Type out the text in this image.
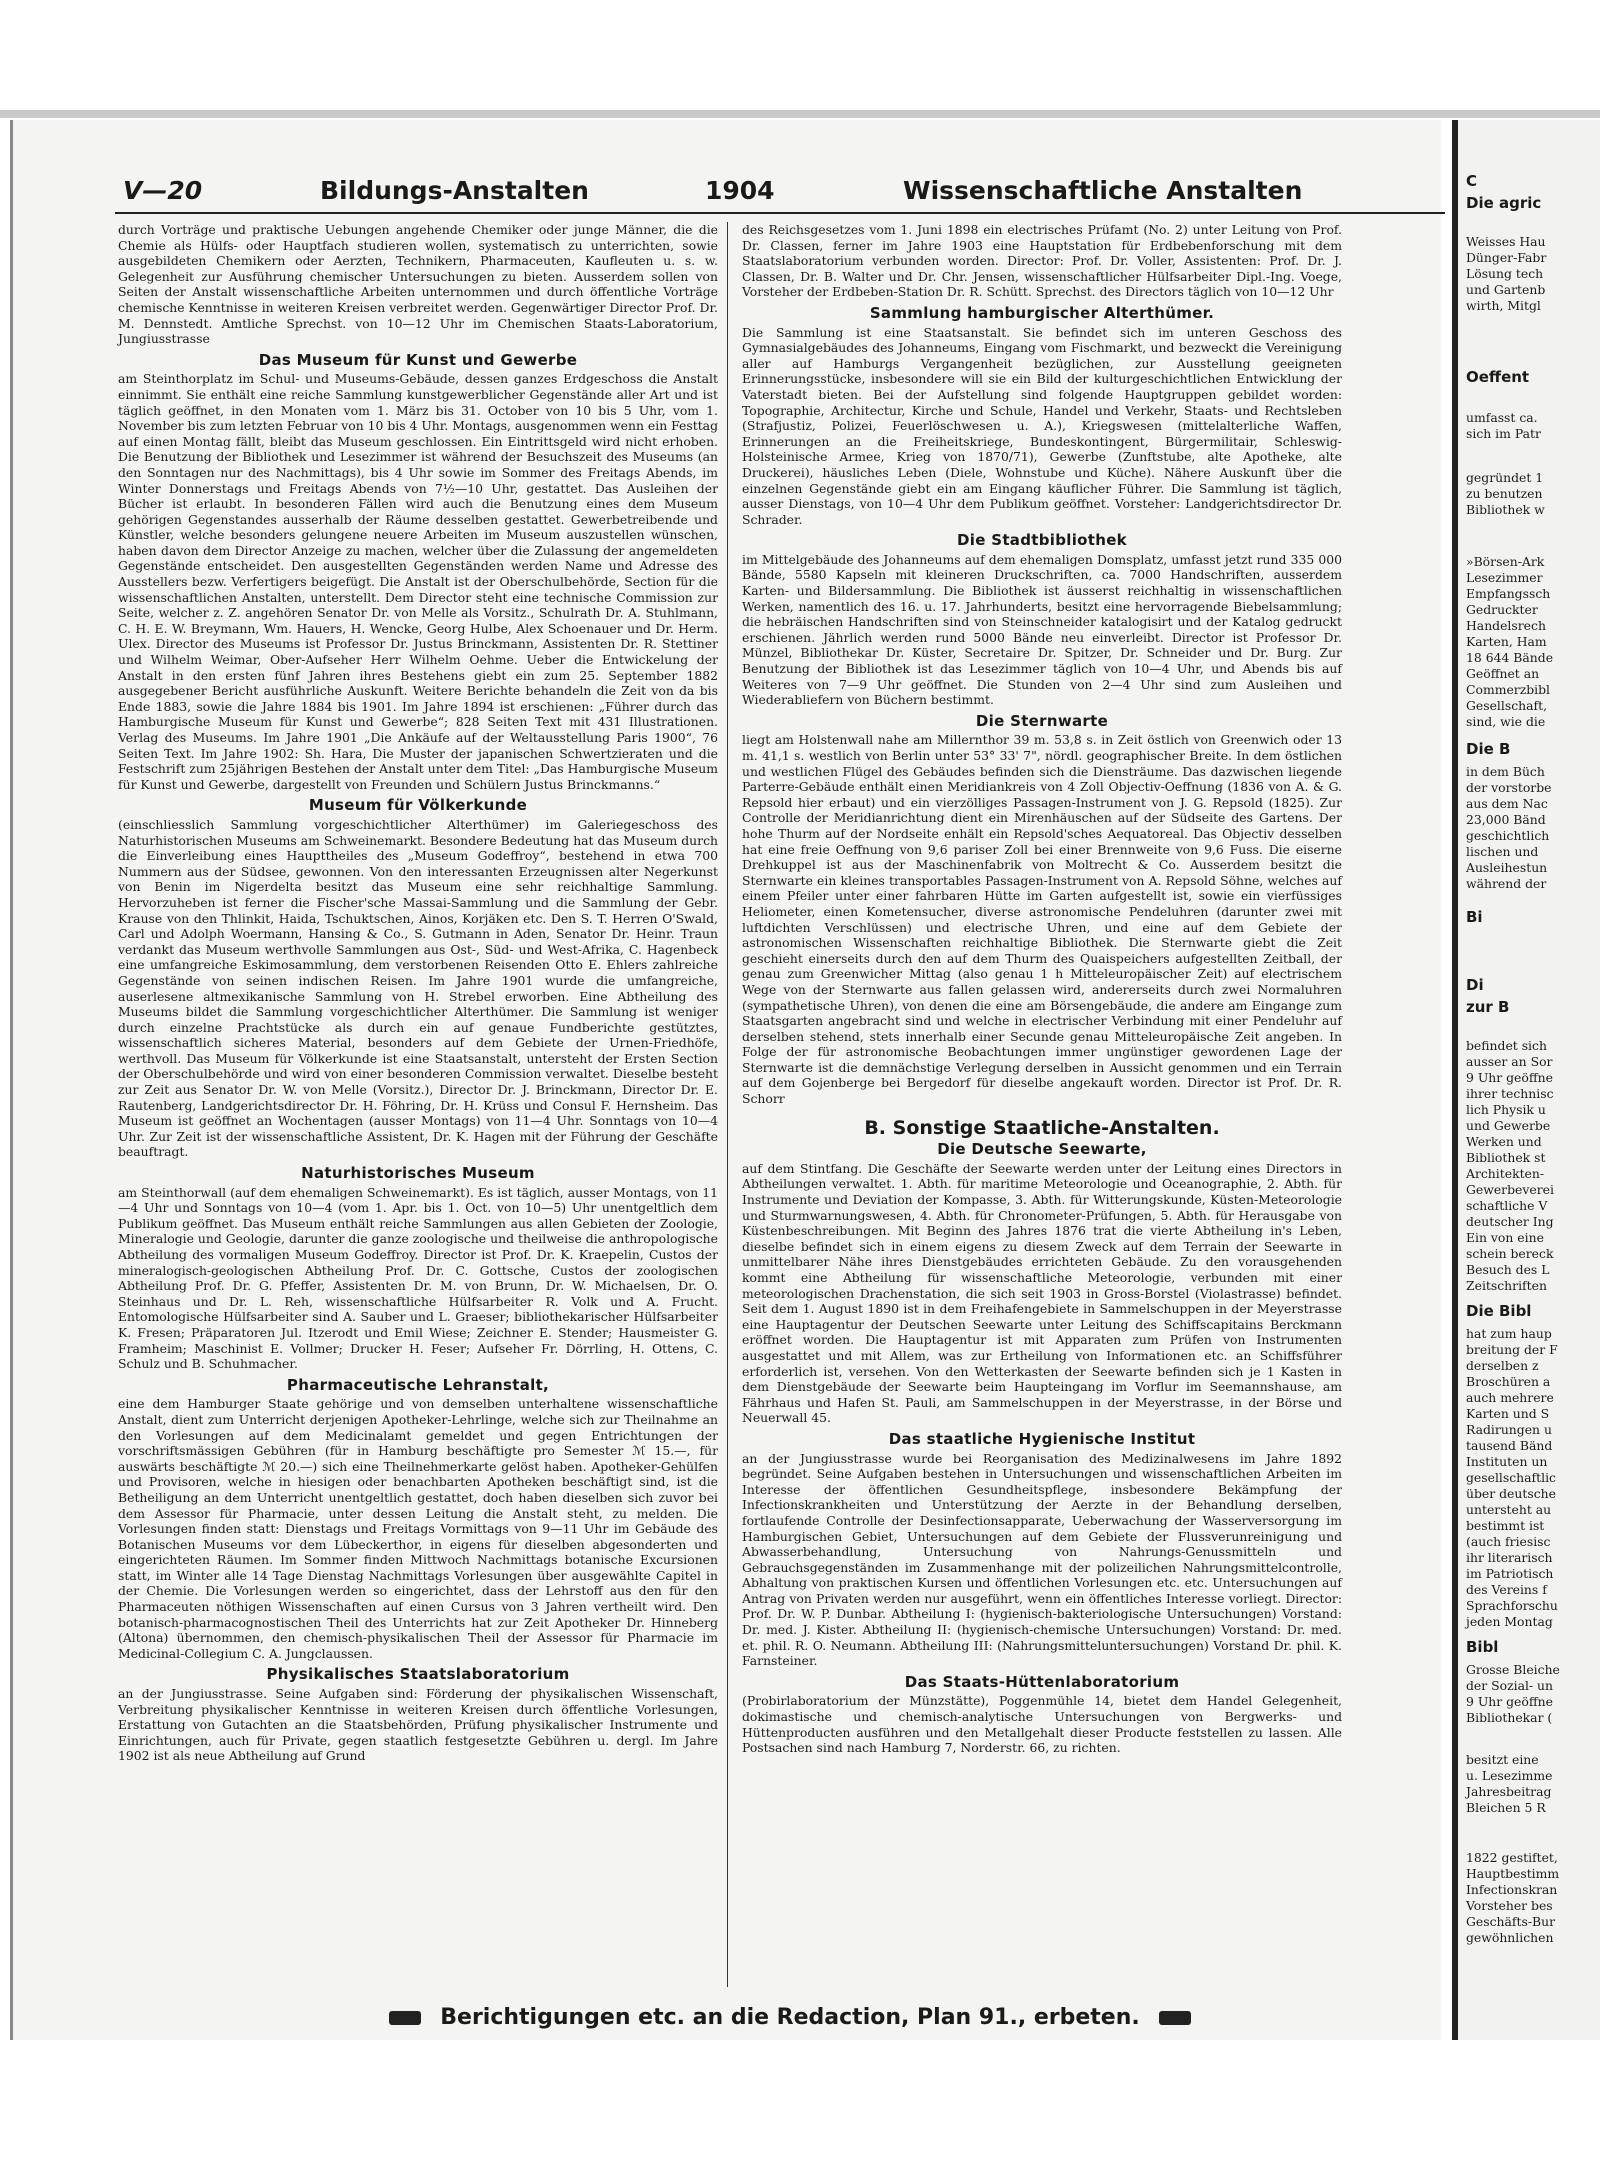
C
Die agric
Weisses Hau
Dünger-Fabr
Lösung tech
und Gartenb
wirth, Mitgl
Oeffent
umfasst ca.
sich im Patr
gegründet 1
zu benutzen
Bibliothek w
»Börsen-Ark
Lesezimmer
Empfangssch
Gedruckter
Handelsrech
Karten, Ham
18 644 Bände
Geöffnet an
Commerzbibl
Gesellschaft,
sind, wie die
Die B
in dem Büch
der vorstorbe
aus dem Nac
23,000 Bänd
geschichtlich
lischen und
Ausleihestun
während der
Bi
Di
zur B
befindet sich
ausser an Sor
9 Uhr geöffne
ihrer technisc
lich Physik u
und Gewerbe
Werken und
Bibliothek st
Architekten-
Gewerbeverei
schaftliche V
deutscher Ing
Ein von eine
schein bereck
Besuch des L
Zeitschriften
Die Bibl
hat zum haup
breitung der F
derselben z
Broschüren a
auch mehrere
Karten und S
Radirungen u
tausend Bänd
Instituten un
gesellschaftlic
über deutsche
untersteht au
bestimmt ist
(auch friesisc
ihr literarisch
im Patriotisch
des Vereins f
Sprachforschu
jeden Montag
Bibl
Grosse Bleiche
der Sozial- un
9 Uhr geöffne
Bibliothekar (
besitzt eine
u. Lesezimme
Jahresbeitrag
Bleichen 5 R
1822 gestiftet,
Hauptbestimm
Infectionskran
Vorsteher bes
Geschäfts-Bur
gewöhnlichen
V—20	Bildungs-Anstalten	1904	Wissenschaftliche Anstalten

durch Vorträge und praktische Uebungen angehende Chemiker oder junge Männer, die die Chemie als Hülfs- oder Hauptfach studieren wollen, systematisch zu unterrichten, sowie ausgebildeten Chemikern oder Aerzten, Technikern, Pharmaceuten, Kaufleuten u. s. w. Gelegenheit zur Ausführung chemischer Untersuchungen zu bieten. Ausserdem sollen von Seiten der Anstalt wissenschaftliche Arbeiten unternommen und durch öffentliche Vorträge chemische Kenntnisse in weiteren Kreisen verbreitet werden. Gegenwärtiger Director Prof. Dr. M. Dennstedt. Amtliche Sprechst. von 10—12 Uhr im Chemischen Staats-Laboratorium, Jungiusstrasse

Das Museum für Kunst und Gewerbe

am Steinthorplatz im Schul- und Museums-Gebäude, dessen ganzes Erdgeschoss die Anstalt einnimmt. Sie enthält eine reiche Sammlung kunstgewerblicher Gegenstände aller Art und ist täglich geöffnet, in den Monaten vom 1. März bis 31. October von 10 bis 5 Uhr, vom 1. November bis zum letzten Februar von 10 bis 4 Uhr. Montags, ausgenommen wenn ein Festtag auf einen Montag fällt, bleibt das Museum geschlossen. Ein Eintrittsgeld wird nicht erhoben. Die Benutzung der Bibliothek und Lesezimmer ist während der Besuchszeit des Museums (an den Sonntagen nur des Nachmittags), bis 4 Uhr sowie im Sommer des Freitags Abends, im Winter Donnerstags und Freitags Abends von 7½—10 Uhr, gestattet. Das Ausleihen der Bücher ist erlaubt. In besonderen Fällen wird auch die Benutzung eines dem Museum gehörigen Gegenstandes ausserhalb der Räume desselben gestattet. Gewerbetreibende und Künstler, welche besonders gelungene neuere Arbeiten im Museum auszustellen wünschen, haben davon dem Director Anzeige zu machen, welcher über die Zulassung der angemeldeten Gegenstände entscheidet. Den ausgestellten Gegenständen werden Name und Adresse des Ausstellers bezw. Verfertigers beigefügt. Die Anstalt ist der Oberschulbehörde, Section für die wissenschaftlichen Anstalten, unterstellt. Dem Director steht eine technische Commission zur Seite, welcher z. Z. angehören Senator Dr. von Melle als Vorsitz., Schulrath Dr. A. Stuhlmann, C. H. E. W. Breymann, Wm. Hauers, H. Wencke, Georg Hulbe, Alex Schoenauer und Dr. Herm. Ulex. Director des Museums ist Professor Dr. Justus Brinckmann, Assistenten Dr. R. Stettiner und Wilhelm Weimar, Ober-Aufseher Herr Wilhelm Oehme. Ueber die Entwickelung der Anstalt in den ersten fünf Jahren ihres Bestehens giebt ein zum 25. September 1882 ausgegebener Bericht ausführliche Auskunft. Weitere Berichte behandeln die Zeit von da bis Ende 1883, sowie die Jahre 1884 bis 1901. Im Jahre 1894 ist erschienen: „Führer durch das Hamburgische Museum für Kunst und Gewerbe“; 828 Seiten Text mit 431 Illustrationen. Verlag des Museums. Im Jahre 1901 „Die Ankäufe auf der Weltausstellung Paris 1900“, 76 Seiten Text. Im Jahre 1902: Sh. Hara, Die Muster der japanischen Schwertzieraten und die Festschrift zum 25jährigen Bestehen der Anstalt unter dem Titel: „Das Hamburgische Museum für Kunst und Gewerbe, dargestellt von Freunden und Schülern Justus Brinckmanns.“

Museum für Völkerkunde

(einschliesslich Sammlung vorgeschichtlicher Alterthümer) im Galeriegeschoss des Naturhistorischen Museums am Schweinemarkt. Besondere Bedeutung hat das Museum durch die Einverleibung eines Haupttheiles des „Museum Godeffroy“, bestehend in etwa 700 Nummern aus der Südsee, gewonnen. Von den interessanten Erzeugnissen alter Negerkunst von Benin im Nigerdelta besitzt das Museum eine sehr reichhaltige Sammlung. Hervorzuheben ist ferner die Fischer'sche Massai-Sammlung und die Sammlung der Gebr. Krause von den Thlinkit, Haida, Tschuktschen, Ainos, Korjäken etc. Den S. T. Herren O'Swald, Carl und Adolph Woermann, Hansing & Co., S. Gutmann in Aden, Senator Dr. Heinr. Traun verdankt das Museum werthvolle Sammlungen aus Ost-, Süd- und West-Afrika, C. Hagenbeck eine umfangreiche Eskimosammlung, dem verstorbenen Reisenden Otto E. Ehlers zahlreiche Gegenstände von seinen indischen Reisen. Im Jahre 1901 wurde die umfangreiche, auserlesene altmexikanische Sammlung von H. Strebel erworben. Eine Abtheilung des Museums bildet die Sammlung vorgeschichtlicher Alterthümer. Die Sammlung ist weniger durch einzelne Prachtstücke als durch ein auf genaue Fundberichte gestütztes, wissenschaftlich sicheres Material, besonders auf dem Gebiete der Urnen-Friedhöfe, werthvoll. Das Museum für Völkerkunde ist eine Staatsanstalt, untersteht der Ersten Section der Oberschulbehörde und wird von einer besonderen Commission verwaltet. Dieselbe besteht zur Zeit aus Senator Dr. W. von Melle (Vorsitz.), Director Dr. J. Brinckmann, Director Dr. E. Rautenberg, Landgerichtsdirector Dr. H. Föhring, Dr. H. Krüss und Consul F. Hernsheim. Das Museum ist geöffnet an Wochentagen (ausser Montags) von 11—4 Uhr. Sonntags von 10—4 Uhr. Zur Zeit ist der wissenschaftliche Assistent, Dr. K. Hagen mit der Führung der Geschäfte beauftragt.

Naturhistorisches Museum

am Steinthorwall (auf dem ehemaligen Schweinemarkt). Es ist täglich, ausser Montags, von 11—4 Uhr und Sonntags von 10—4 (vom 1. Apr. bis 1. Oct. von 10—5) Uhr unentgeltlich dem Publikum geöffnet. Das Museum enthält reiche Sammlungen aus allen Gebieten der Zoologie, Mineralogie und Geologie, darunter die ganze zoologische und theilweise die anthropologische Abtheilung des vormaligen Museum Godeffroy. Director ist Prof. Dr. K. Kraepelin, Custos der mineralogisch-geologischen Abtheilung Prof. Dr. C. Gottsche, Custos der zoologischen Abtheilung Prof. Dr. G. Pfeffer, Assistenten Dr. M. von Brunn, Dr. W. Michaelsen, Dr. O. Steinhaus und Dr. L. Reh, wissenschaftliche Hülfsarbeiter R. Volk und A. Frucht. Entomologische Hülfsarbeiter sind A. Sauber und L. Graeser; bibliothekarischer Hülfsarbeiter K. Fresen; Präparatoren Jul. Itzerodt und Emil Wiese; Zeichner E. Stender; Hausmeister G. Framheim; Maschinist E. Vollmer; Drucker H. Feser; Aufseher Fr. Dörrling, H. Ottens, C. Schulz und B. Schuhmacher.

Pharmaceutische Lehranstalt,

eine dem Hamburger Staate gehörige und von demselben unterhaltene wissenschaftliche Anstalt, dient zum Unterricht derjenigen Apotheker-Lehrlinge, welche sich zur Theilnahme an den Vorlesungen auf dem Medicinalamt gemeldet und gegen Entrichtungen der vorschriftsmässigen Gebühren (für in Hamburg beschäftigte pro Semester ℳ 15.—, für auswärts beschäftigte ℳ 20.—) sich eine Theilnehmerkarte gelöst haben. Apotheker-Gehülfen und Provisoren, welche in hiesigen oder benachbarten Apotheken beschäftigt sind, ist die Betheiligung an dem Unterricht unentgeltlich gestattet, doch haben dieselben sich zuvor bei dem Assessor für Pharmacie, unter dessen Leitung die Anstalt steht, zu melden. Die Vorlesungen finden statt: Dienstags und Freitags Vormittags von 9—11 Uhr im Gebäude des Botanischen Museums vor dem Lübeckerthor, in eigens für dieselben abgesonderten und eingerichteten Räumen. Im Sommer finden Mittwoch Nachmittags botanische Excursionen statt, im Winter alle 14 Tage Dienstag Nachmittags Vorlesungen über ausgewählte Capitel in der Chemie. Die Vorlesungen werden so eingerichtet, dass der Lehrstoff aus den für den Pharmaceuten nöthigen Wissenschaften auf einen Cursus von 3 Jahren vertheilt wird. Den botanisch-pharmacognostischen Theil des Unterrichts hat zur Zeit Apotheker Dr. Hinneberg (Altona) übernommen, den chemisch-physikalischen Theil der Assessor für Pharmacie im Medicinal-Collegium C. A. Jungclaussen.

Physikalisches Staatslaboratorium

an der Jungiusstrasse. Seine Aufgaben sind: Förderung der physikalischen Wissenschaft, Verbreitung physikalischer Kenntnisse in weiteren Kreisen durch öffentliche Vorlesungen, Erstattung von Gutachten an die Staatsbehörden, Prüfung physikalischer Instrumente und Einrichtungen, auch für Private, gegen staatlich festgesetzte Gebühren u. dergl. Im Jahre 1902 ist als neue Abtheilung auf Grund

des Reichsgesetzes vom 1. Juni 1898 ein electrisches Prüfamt (No. 2) unter Leitung von Prof. Dr. Classen, ferner im Jahre 1903 eine Hauptstation für Erdbebenforschung mit dem Staatslaboratorium verbunden worden. Director: Prof. Dr. Voller, Assistenten: Prof. Dr. J. Classen, Dr. B. Walter und Dr. Chr. Jensen, wissenschaftlicher Hülfsarbeiter Dipl.-Ing. Voege, Vorsteher der Erdbeben-Station Dr. R. Schütt. Sprechst. des Directors täglich von 10—12 Uhr

Sammlung hamburgischer Alterthümer.

Die Sammlung ist eine Staatsanstalt. Sie befindet sich im unteren Geschoss des Gymnasialgebäudes des Johanneums, Eingang vom Fischmarkt, und bezweckt die Vereinigung aller auf Hamburgs Vergangenheit bezüglichen, zur Ausstellung geeigneten Erinnerungsstücke, insbesondere will sie ein Bild der kulturgeschichtlichen Entwicklung der Vaterstadt bieten. Bei der Aufstellung sind folgende Hauptgruppen gebildet worden: Topographie, Architectur, Kirche und Schule, Handel und Verkehr, Staats- und Rechtsleben (Strafjustiz, Polizei, Feuerlöschwesen u. A.), Kriegswesen (mittelalterliche Waffen, Erinnerungen an die Freiheitskriege, Bundeskontingent, Bürgermilitair, Schleswig-Holsteinische Armee, Krieg von 1870/71), Gewerbe (Zunftstube, alte Apotheke, alte Druckerei), häusliches Leben (Diele, Wohnstube und Küche). Nähere Auskunft über die einzelnen Gegenstände giebt ein am Eingang käuflicher Führer. Die Sammlung ist täglich, ausser Dienstags, von 10—4 Uhr dem Publikum geöffnet. Vorsteher: Landgerichtsdirector Dr. Schrader.

Die Stadtbibliothek

im Mittelgebäude des Johanneums auf dem ehemaligen Domsplatz, umfasst jetzt rund 335 000 Bände, 5580 Kapseln mit kleineren Druckschriften, ca. 7000 Handschriften, ausserdem Karten- und Bildersammlung. Die Bibliothek ist äusserst reichhaltig in wissenschaftlichen Werken, namentlich des 16. u. 17. Jahrhunderts, besitzt eine hervorragende Biebelsammlung; die hebräischen Handschriften sind von Steinschneider katalogisirt und der Katalog gedruckt erschienen. Jährlich werden rund 5000 Bände neu einverleibt. Director ist Professor Dr. Münzel, Bibliothekar Dr. Küster, Secretaire Dr. Spitzer, Dr. Schneider und Dr. Burg. Zur Benutzung der Bibliothek ist das Lesezimmer täglich von 10—4 Uhr, und Abends bis auf Weiteres von 7—9 Uhr geöffnet. Die Stunden von 2—4 Uhr sind zum Ausleihen und Wiederabliefern von Büchern bestimmt.

Die Sternwarte

liegt am Holstenwall nahe am Millernthor 39 m. 53,8 s. in Zeit östlich von Greenwich oder 13 m. 41,1 s. westlich von Berlin unter 53° 33' 7", nördl. geographischer Breite. In dem östlichen und westlichen Flügel des Gebäudes befinden sich die Diensträume. Das dazwischen liegende Parterre-Gebäude enthält einen Meridiankreis von 4 Zoll Objectiv-Oeffnung (1836 von A. & G. Repsold hier erbaut) und ein vierzölliges Passagen-Instrument von J. G. Repsold (1825). Zur Controlle der Meridianrichtung dient ein Mirenhäuschen auf der Südseite des Gartens. Der hohe Thurm auf der Nordseite enhält ein Repsold'sches Aequatoreal. Das Objectiv desselben hat eine freie Oeffnung von 9,6 pariser Zoll bei einer Brennweite von 9,6 Fuss. Die eiserne Drehkuppel ist aus der Maschinenfabrik von Moltrecht & Co. Ausserdem besitzt die Sternwarte ein kleines transportables Passagen-Instrument von A. Repsold Söhne, welches auf einem Pfeiler unter einer fahrbaren Hütte im Garten aufgestellt ist, sowie ein vierfüssiges Heliometer, einen Kometensucher, diverse astronomische Pendeluhren (darunter zwei mit luftdichten Verschlüssen) und electrische Uhren, und eine auf dem Gebiete der astronomischen Wissenschaften reichhaltige Bibliothek. Die Sternwarte giebt die Zeit geschieht einerseits durch den auf dem Thurm des Quaispeichers aufgestellten Zeitball, der genau zum Greenwicher Mittag (also genau 1 h Mitteleuropäischer Zeit) auf electrischem Wege von der Sternwarte aus fallen gelassen wird, andererseits durch zwei Normaluhren (sympathetische Uhren), von denen die eine am Börsengebäude, die andere am Eingange zum Staatsgarten angebracht sind und welche in electrischer Verbindung mit einer Pendeluhr auf derselben stehend, stets innerhalb einer Secunde genau Mitteleuropäische Zeit angeben. In Folge der für astronomische Beobachtungen immer ungünstiger gewordenen Lage der Sternwarte ist die demnächstige Verlegung derselben in Aussicht genommen und ein Terrain auf dem Gojenberge bei Bergedorf für dieselbe angekauft worden. Director ist Prof. Dr. R. Schorr

B. Sonstige Staatliche-Anstalten.
Die Deutsche Seewarte,

auf dem Stintfang. Die Geschäfte der Seewarte werden unter der Leitung eines Directors in Abtheilungen verwaltet. 1. Abth. für maritime Meteorologie und Oceanographie, 2. Abth. für Instrumente und Deviation der Kompasse, 3. Abth. für Witterungskunde, Küsten-Meteorologie und Sturmwarnungswesen, 4. Abth. für Chronometer-Prüfungen, 5. Abth. für Herausgabe von Küstenbeschreibungen. Mit Beginn des Jahres 1876 trat die vierte Abtheilung in's Leben, dieselbe befindet sich in einem eigens zu diesem Zweck auf dem Terrain der Seewarte in unmittelbarer Nähe ihres Dienstgebäudes errichteten Gebäude. Zu den vorausgehenden kommt eine Abtheilung für wissenschaftliche Meteorologie, verbunden mit einer meteorologischen Drachenstation, die sich seit 1903 in Gross-Borstel (Violastrasse) befindet. Seit dem 1. August 1890 ist in dem Freihafengebiete in Sammelschuppen in der Meyerstrasse eine Hauptagentur der Deutschen Seewarte unter Leitung des Schiffscapitains Berckmann eröffnet worden. Die Hauptagentur ist mit Apparaten zum Prüfen von Instrumenten ausgestattet und mit Allem, was zur Ertheilung von Informationen etc. an Schiffsführer erforderlich ist, versehen. Von den Wetterkasten der Seewarte befinden sich je 1 Kasten in dem Dienstgebäude der Seewarte beim Haupteingang im Vorflur im Seemannshause, am Fährhaus und Hafen St. Pauli, am Sammelschuppen in der Meyerstrasse, in der Börse und Neuerwall 45.

Das staatliche Hygienische Institut

an der Jungiusstrasse wurde bei Reorganisation des Medizinalwesens im Jahre 1892 begründet. Seine Aufgaben bestehen in Untersuchungen und wissenschaftlichen Arbeiten im Interesse der öffentlichen Gesundheitspflege, insbesondere Bekämpfung der Infectionskrankheiten und Unterstützung der Aerzte in der Behandlung derselben, fortlaufende Controlle der Desinfectionsapparate, Ueberwachung der Wasserversorgung im Hamburgischen Gebiet, Untersuchungen auf dem Gebiete der Flussverunreinigung und Abwasserbehandlung, Untersuchung von Nahrungs-Genussmitteln und Gebrauchsgegenständen im Zusammenhange mit der polizeilichen Nahrungsmittelcontrolle, Abhaltung von praktischen Kursen und öffentlichen Vorlesungen etc. etc. Untersuchungen auf Antrag von Privaten werden nur ausgeführt, wenn ein öffentliches Interesse vorliegt. Director: Prof. Dr. W. P. Dunbar. Abtheilung I: (hygienisch-bakteriologische Untersuchungen) Vorstand: Dr. med. J. Kister. Abtheilung II: (hygienisch-chemische Untersuchungen) Vorstand: Dr. med. et. phil. R. O. Neumann. Abtheilung III: (Nahrungsmitteluntersuchungen) Vorstand Dr. phil. K. Farnsteiner.

Das Staats-Hüttenlaboratorium

(Probirlaboratorium der Münzstätte), Poggenmühle 14, bietet dem Handel Gelegenheit, dokimastische und chemisch-analytische Untersuchungen von Bergwerks- und Hüttenproducten ausführen und den Metallgehalt dieser Producte feststellen zu lassen. Alle Postsachen sind nach Hamburg 7, Norderstr. 66, zu richten.

Berichtigungen etc. an die Redaction, Plan 91., erbeten.
